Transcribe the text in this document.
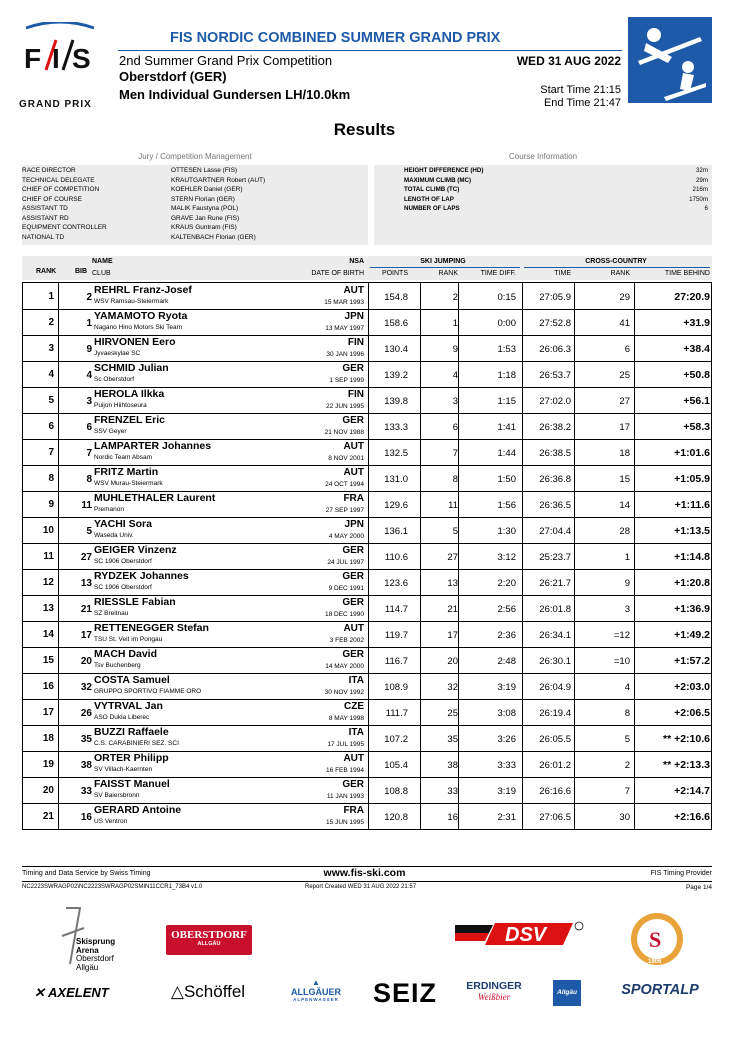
F I S
GRAND PRIX
FIS NORDIC COMBINED SUMMER GRAND PRIX
2nd Summer Grand Prix Competition
Oberstdorf (GER)
Men Individual Gundersen LH/10.0km
WED 31 AUG 2022
Start Time 21:15
End Time 21:47
Results
Jury / Competition Management	Course Information
RACE DIRECTOR	OTTESEN Lasse (FIS)
TECHNICAL DELEGATE	KRAUTGARTNER Robert (AUT)
CHIEF OF COMPETITION	KOEHLER Daniel (GER)
CHIEF OF COURSE	STERN Florian (GER)
ASSISTANT TD	MALIK Faustyna (POL)
ASSISTANT RD	GRAVE Jan Rune (FIS)
EQUIPMENT CONTROLLER	KRAUS Guntram (FIS)
NATIONAL TD	KALTENBACH Florian (GER)
HEIGHT DIFFERENCE (HD)	32m
MAXIMUM CLIMB (MC)	29m
TOTAL CLIMB (TC)	216m
LENGTH OF LAP	1750m
NUMBER OF LAPS	6
NAME
CLUB
RANK	BIB
NSA
DATE OF BIRTH
SKI JUMPING
POINTS	RANK	TIME DIFF.
CROSS-COUNTRY
TIME	RANK	TIME BEHIND
1	2
REHRL Franz-Josef
WSV Ramsau-Steiermark
AUT
15 MAR 1993	154.8	2	0:15	27:05.9	29	27:20.9
2	1
YAMAMOTO Ryota
Nagano Hino Motors Ski Team
JPN
13 MAY 1997	158.6	1	0:00	27:52.8	41	+31.9
3	9
HIRVONEN Eero
Jyvaeskylae SC
FIN
30 JAN 1996	130.4	9	1:53	26:06.3	6	+38.4
4	4
SCHMID Julian
Sc Oberstdorf
GER
1 SEP 1999	139.2	4	1:18	26:53.7	25	+50.8
5	3
HEROLA Ilkka
Puijon Hiihtoseura
FIN
22 JUN 1995	139.8	3	1:15	27:02.0	27	+56.1
6	6
FRENZEL Eric
SSV Geyer
GER
21 NOV 1988	133.3	6	1:41	26:38.2	17	+58.3
7	7
LAMPARTER Johannes
Nordic Team Absam
AUT
8 NOV 2001	132.5	7	1:44	26:38.5	18	+1:01.6
8	8
FRITZ Martin
WSV Murau-Steiermark
AUT
24 OCT 1994	131.0	8	1:50	26:36.8	15	+1:05.9
9	11
MUHLETHALER Laurent
Premanon
FRA
27 SEP 1997	129.6	11	1:56	26:36.5	14	+1:11.6
10	5
YACHI Sora
Waseda Univ.
JPN
4 MAY 2000	136.1	5	1:30	27:04.4	28	+1:13.5
11	27
GEIGER Vinzenz
SC 1906 Oberstdorf
GER
24 JUL 1997	110.6	27	3:12	25:23.7	1	+1:14.8
12	13
RYDZEK Johannes
SC 1906 Oberstdorf
GER
9 DEC 1991	123.6	13	2:20	26:21.7	9	+1:20.8
13	21
RIESSLE Fabian
SZ Breitnau
GER
18 DEC 1990	114.7	21	2:56	26:01.8	3	+1:36.9
14	17
RETTENEGGER Stefan
TSU St. Veit im Pongau
AUT
3 FEB 2002	119.7	17	2:36	26:34.1	=12	+1:49.2
15	20
MACH David
Tsv Buchenberg
GER
14 MAY 2000	116.7	20	2:48	26:30.1	=10	+1:57.2
16	32
COSTA Samuel
GRUPPO SPORTIVO FIAMME ORO
ITA
30 NOV 1992	108.9	32	3:19	26:04.9	4	+2:03.0
17	26
VYTRVAL Jan
ASO Dukla Liberec
CZE
8 MAY 1998	111.7	25	3:08	26:19.4	8	+2:06.5
18	35
BUZZI Raffaele
C.S. CARABINIERI SEZ. SCI
ITA
17 JUL 1995	107.2	35	3:26	26:05.5	5	** +2:10.6
19	38
ORTER Philipp
SV Villach-Kaernten
AUT
16 FEB 1994	105.4	38	3:33	26:01.2	2	** +2:13.3
20	33
FAISST Manuel
SV Baiersbronn
GER
11 JAN 1993	108.8	33	3:19	26:16.6	7	+2:14.7
21	16
GERARD Antoine
US Ventron
FRA
15 JUN 1995	120.8	16	2:31	27:06.5	30	+2:16.6
Timing and Data Service by Swiss Timing	www.fis-ski.com	FIS Timing Provider
NC2223SWRAGP02\NC2223SWRAGP02SMIN11CCR1_73B4 v1.0	Report Created WED 31 AUG 2022 21:57	Page 1/4
Skisprung
Arena
Oberstdorf
Allgäu
OBERSTDORF
ALLGÄU	DSV	S
1906
✕ AXELENT	△Schöffel	▲
ALLGÄUER
ALPENWASSER	SEIZ	ERDINGER
Weißbier	Allgäu	SPORTALP
